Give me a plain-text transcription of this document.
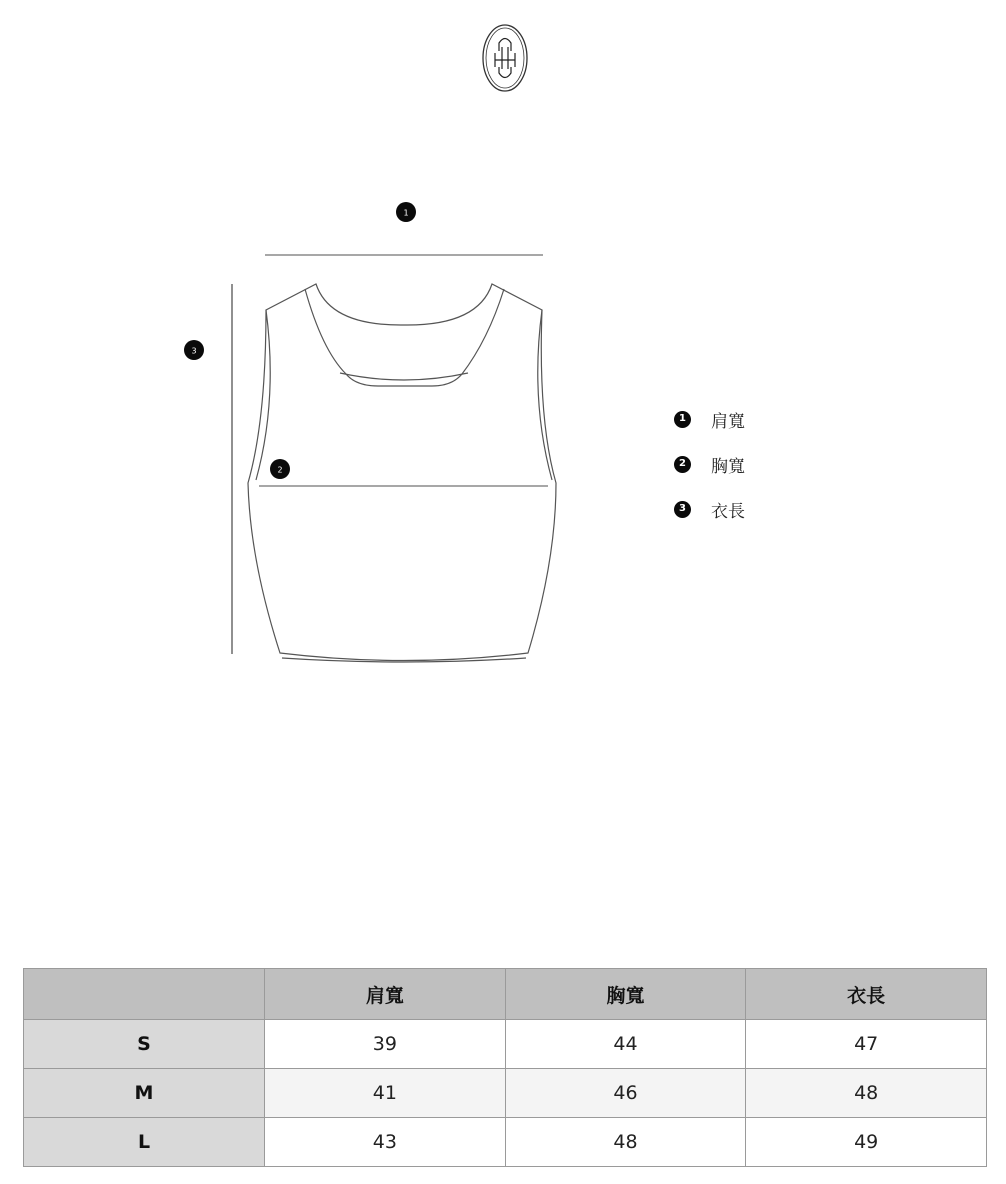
1
2
3
1 肩寬
2 胸寬
3 衣長
	肩寬	胸寬	衣長
S	39	44	47
M	41	46	48
L	43	48	49
